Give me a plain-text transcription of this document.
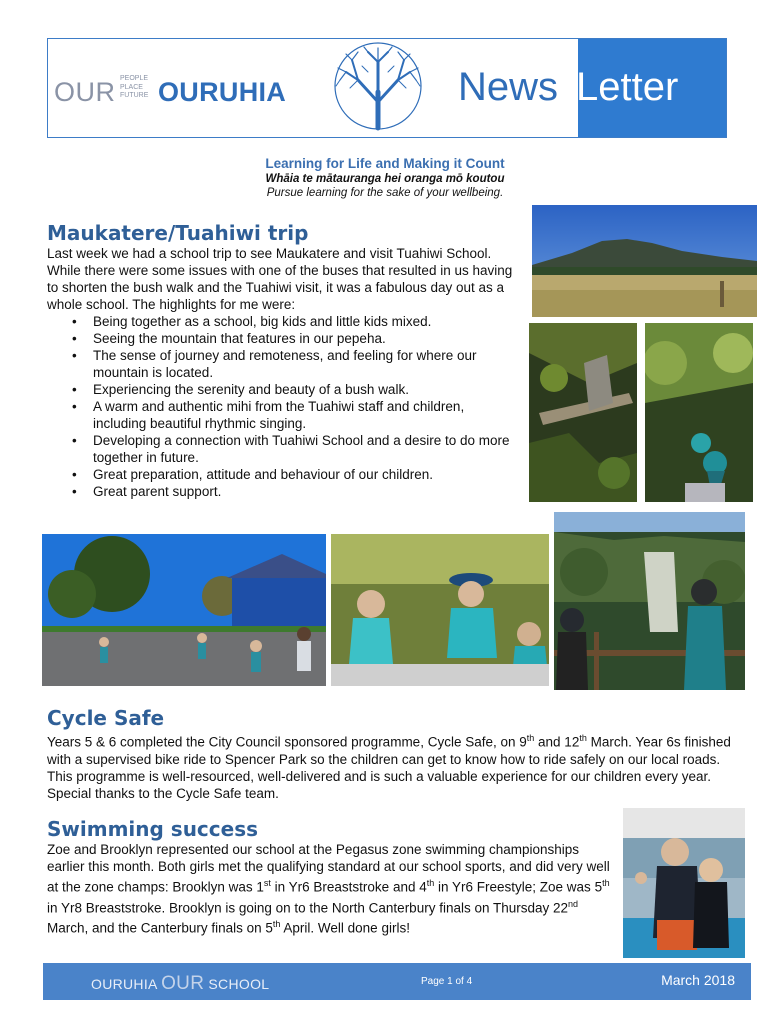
OUR PEOPLE
PLACE
FUTURE OURUHIA	News Letter
Learning for Life and Making it Count
Whāia te mātauranga hei oranga mō koutou
Pursue learning for the sake of your wellbeing.
Maukatere/Tuahiwi trip
Last week we had a school trip to see Maukatere and visit Tuahiwi School. While there were some issues with one of the buses that resulted in us having to shorten the bush walk and the Tuahiwi visit, it was a fabulous day out as a whole school. The highlights for me were:
• Being together as a school, big kids and little kids mixed.
• Seeing the mountain that features in our pepeha.
• The sense of journey and remoteness, and feeling for where our mountain is located.
• Experiencing the serenity and beauty of a bush walk.
• A warm and authentic mihi from the Tuahiwi staff and children, including beautiful rhythmic singing.
• Developing a connection with Tuahiwi School and a desire to do more together in future.
• Great preparation, attitude and behaviour of our children.
• Great parent support.
Cycle Safe
Years 5 & 6 completed the City Council sponsored programme, Cycle Safe, on 9th and 12th March. Year 6s finished with a supervised bike ride to Spencer Park so the children can get to know how to ride safely on our local roads. This programme is well-resourced, well-delivered and is such a valuable experience for our children every year. Special thanks to the Cycle Safe team.
Swimming success
Zoe and Brooklyn represented our school at the Pegasus zone swimming championships earlier this month. Both girls met the qualifying standard at our school sports, and did very well at the zone champs: Brooklyn was 1st in Yr6 Breaststroke and 4th in Yr6 Freestyle; Zoe was 5th in Yr8 Breaststroke. Brooklyn is going on to the North Canterbury finals on Thursday 22nd March, and the Canterbury finals on 5th April. Well done girls!
OURUHIA OUR SCHOOL	Page 1 of 4	March 2018
